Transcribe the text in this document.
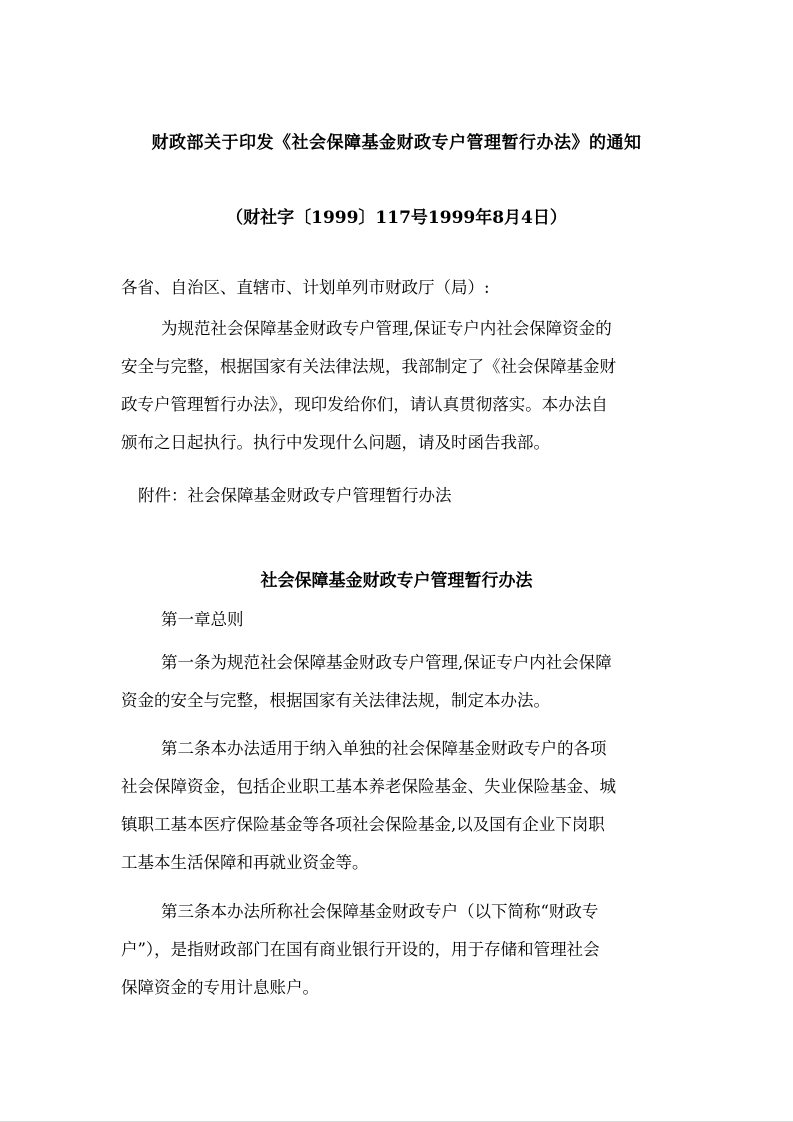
财政部关于印发《社会保障基金财政专户管理暂行办法》的通知
（财社字〔1999〕117号1999年8月4日）
各省、自治区、直辖市、计划单列市财政厅（局）:
为规范社会保障基金财政专户管理,保证专户内社会保障资金的
安全与完整，根据国家有关法律法规，我部制定了《社会保障基金财
政专户管理暂行办法》，现印发给你们，请认真贯彻落实。本办法自
颁布之日起执行。执行中发现什么问题，请及时函告我部。
附件：社会保障基金财政专户管理暂行办法
社会保障基金财政专户管理暂行办法
第一章总则
第一条为规范社会保障基金财政专户管理,保证专户内社会保障
资金的安全与完整，根据国家有关法律法规，制定本办法。
第二条本办法适用于纳入单独的社会保障基金财政专户的各项
社会保障资金，包括企业职工基本养老保险基金、失业保险基金、城
镇职工基本医疗保险基金等各项社会保险基金,以及国有企业下岗职
工基本生活保障和再就业资金等。
第三条本办法所称社会保障基金财政专户（以下简称“财政专
户”），是指财政部门在国有商业银行开设的，用于存储和管理社会
保障资金的专用计息账户。
